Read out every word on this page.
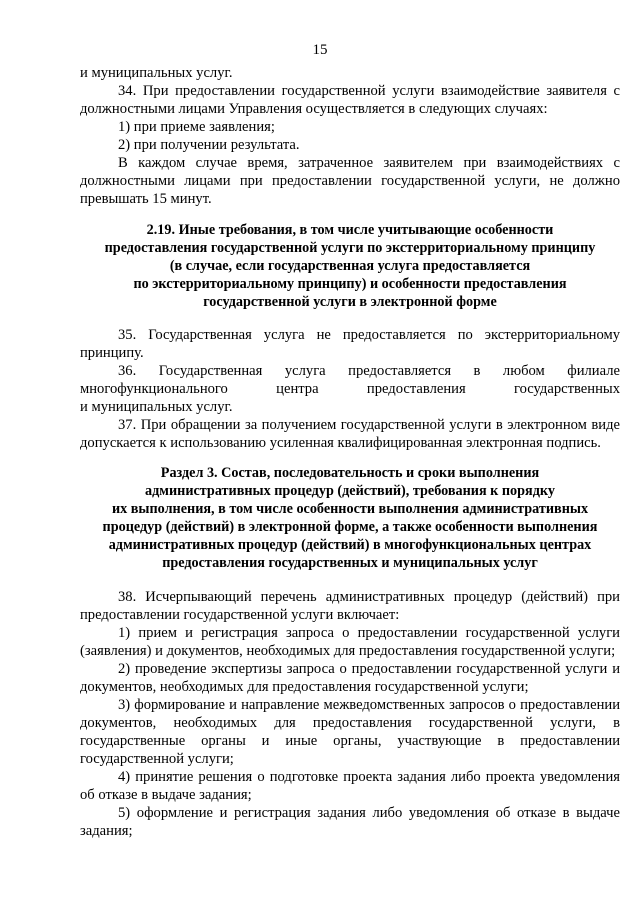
15

и муниципальных услуг.

34. При предоставлении государственной услуги взаимодействие заявителя с должностными лицами Управления осуществляется в следующих случаях:

1) при приеме заявления;

2) при получении результата.

В каждом случае время, затраченное заявителем при взаимодействиях с должностными лицами при предоставлении государственной услуги, не должно превышать 15 минут.

2.19. Иные требования, в том числе учитывающие особенности

предоставления государственной услуги по экстерриториальному принципу

(в случае, если государственная услуга предоставляется

по экстерриториальному принципу) и особенности предоставления

государственной услуги в электронной форме

35. Государственная услуга не предоставляется по экстерриториальному принципу.

36. Государственная услуга предоставляется в любом филиале

многофункционального центра предоставления государственных

и муниципальных услуг.

37. При обращении за получением государственной услуги в электронном виде допускается к использованию усиленная квалифицированная электронная подпись.

Раздел 3. Состав, последовательность и сроки выполнения

административных процедур (действий), требования к порядку

их выполнения, в том числе особенности выполнения административных

процедур (действий) в электронной форме, а также особенности выполнения

административных процедур (действий) в многофункциональных центрах

предоставления государственных и муниципальных услуг

38. Исчерпывающий перечень административных процедур (действий) при предоставлении государственной услуги включает:

1) прием и регистрация запроса о предоставлении государственной услуги (заявления) и документов, необходимых для предоставления государственной услуги;

2) проведение экспертизы запроса о предоставлении государственной услуги и документов, необходимых для предоставления государственной услуги;

3) формирование и направление межведомственных запросов о предоставлении документов, необходимых для предоставления государственной услуги, в государственные органы и иные органы, участвующие в предоставлении государственной услуги;

4) принятие решения о подготовке проекта задания либо проекта уведомления об отказе в выдаче задания;

5) оформление и регистрация задания либо уведомления об отказе в выдаче задания;
